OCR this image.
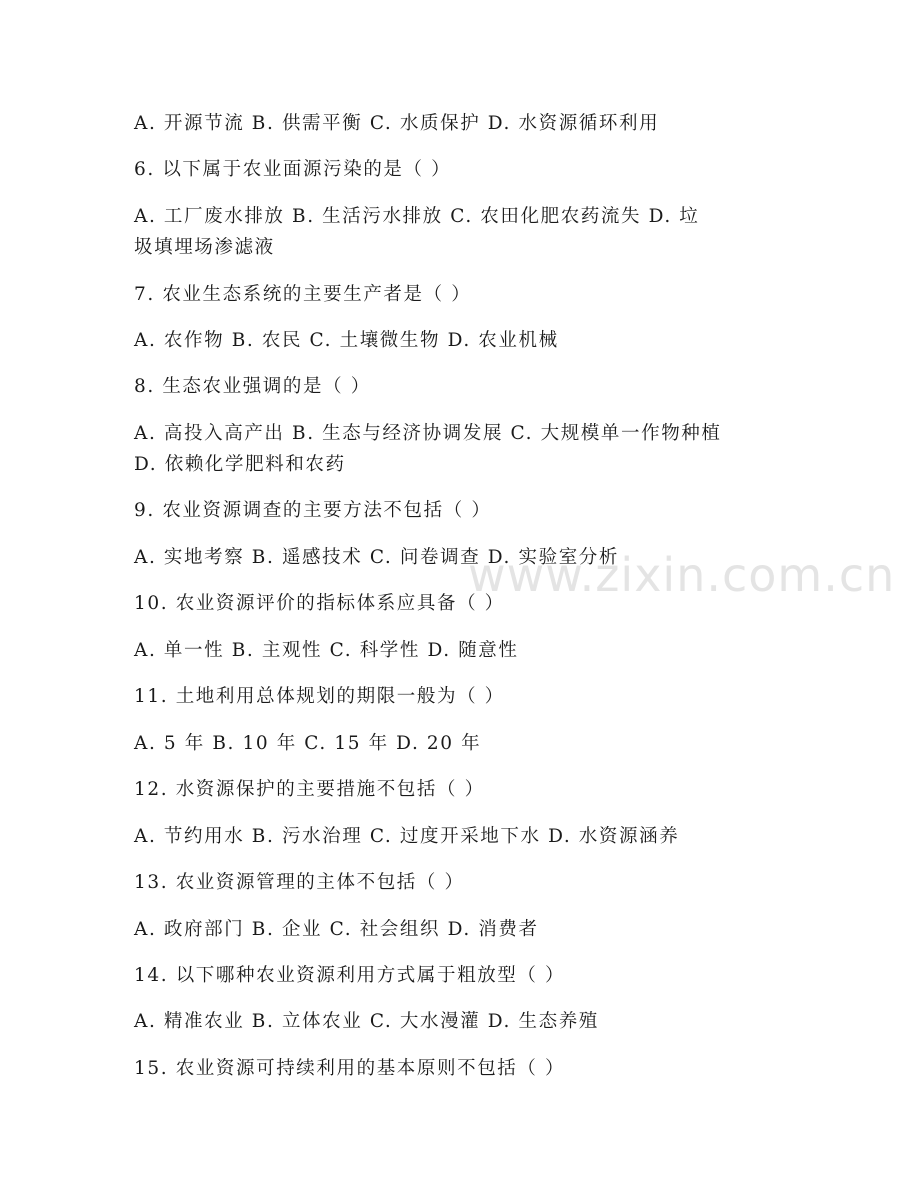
www.zixin.com.cn
A. 开源节流 B. 供需平衡 C. 水质保护 D. 水资源循环利用
6. 以下属于农业面源污染的是（ ）
A. 工厂废水排放 B. 生活污水排放 C. 农田化肥农药流失 D. 垃
圾填埋场渗滤液
7. 农业生态系统的主要生产者是（ ）
A. 农作物 B. 农民 C. 土壤微生物 D. 农业机械
8. 生态农业强调的是（ ）
A. 高投入高产出 B. 生态与经济协调发展 C. 大规模单一作物种植
D. 依赖化学肥料和农药
9. 农业资源调查的主要方法不包括（ ）
A. 实地考察 B. 遥感技术 C. 问卷调查 D. 实验室分析
10. 农业资源评价的指标体系应具备（ ）
A. 单一性 B. 主观性 C. 科学性 D. 随意性
11. 土地利用总体规划的期限一般为（ ）
A. 5 年 B. 10 年 C. 15 年 D. 20 年
12. 水资源保护的主要措施不包括（ ）
A. 节约用水 B. 污水治理 C. 过度开采地下水 D. 水资源涵养
13. 农业资源管理的主体不包括（ ）
A. 政府部门 B. 企业 C. 社会组织 D. 消费者
14. 以下哪种农业资源利用方式属于粗放型（ ）
A. 精准农业 B. 立体农业 C. 大水漫灌 D. 生态养殖
15. 农业资源可持续利用的基本原则不包括（ ）
